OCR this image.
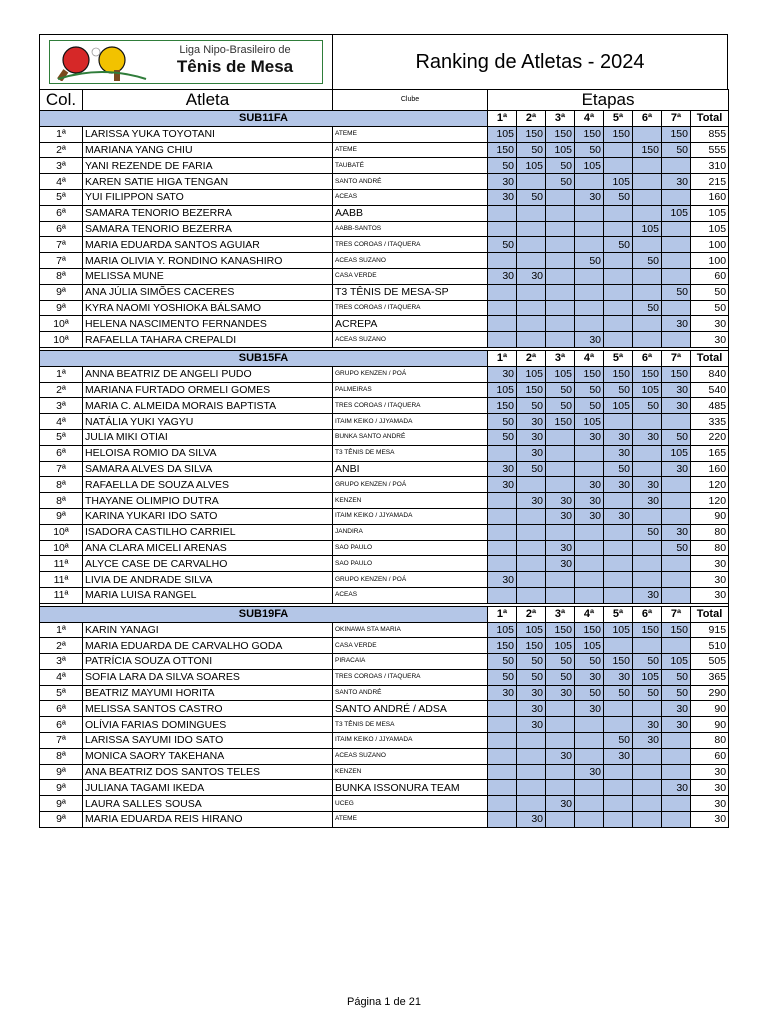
Liga Nipo-Brasileiro de
Tênis de Mesa	Ranking de Atletas - 2024
Col.	Atleta	Clube	Etapas							
SUB11FA			1ª	2ª	3ª	4ª	5ª	6ª	7ª	Total
1ª	LARISSA YUKA TOYOTANI	ATEME	105	150	150	150	150		150	855
2ª	MARIANA YANG CHIU	ATEME	150	50	105	50		150	50	555
3ª	YANI REZENDE DE FARIA	TAUBATÉ	50	105	50	105				310
4ª	KAREN SATIE HIGA TENGAN	SANTO ANDRÉ	30		50		105		30	215
5ª	YUI FILIPPON SATO	ACEAS	30	50		30	50			160
6ª	SAMARA TENORIO BEZERRA	AABB							105	105
6ª	SAMARA TENORIO BEZERRA	AABB-SANTOS						105		105
7ª	MARIA EDUARDA SANTOS AGUIAR	TRES COROAS / ITAQUERA	50				50			100
7ª	MARIA OLIVIA Y. RONDINO KANASHIRO	ACEAS SUZANO				50		50		100
8ª	MELISSA MUNE	CASA VERDE	30	30						60
9ª	ANA JÚLIA SIMÕES CACERES	T3 TÊNIS DE MESA-SP							50	50
9ª	KYRA NAOMI YOSHIOKA BÁLSAMO	TRES COROAS / ITAQUERA						50		50
10ª	HELENA NASCIMENTO FERNANDES	ACREPA							30	30
10ª	RAFAELLA TAHARA CREPALDI	ACEAS SUZANO				30				30

SUB15FA			1ª	2ª	3ª	4ª	5ª	6ª	7ª	Total
1ª	ANNA BEATRIZ DE ANGELI PUDO	GRUPO KENZEN / POÁ	30	105	105	150	150	150	150	840
2ª	MARIANA FURTADO ORMELI GOMES	PALMEIRAS	105	150	50	50	50	105	30	540
3ª	MARIA C. ALMEIDA MORAIS BAPTISTA	TRES COROAS / ITAQUERA	150	50	50	50	105	50	30	485
4ª	NATÁLIA YUKI YAGYU	ITAIM KEIKO / JJYAMADA	50	30	150	105				335
5ª	JULIA MIKI OTIAI	BUNKA SANTO ANDRÉ	50	30		30	30	30	50	220
6ª	HELOISA ROMIO DA SILVA	T3 TÊNIS DE MESA		30			30		105	165
7ª	SAMARA ALVES DA SILVA	ANBI	30	50			50		30	160
8ª	RAFAELLA DE SOUZA ALVES	GRUPO KENZEN / POÁ	30			30	30	30		120
8ª	THAYANE OLIMPIO DUTRA	KENZEN		30	30	30		30		120
9ª	KARINA YUKARI IDO SATO	ITAIM KEIKO / JJYAMADA			30	30	30			90
10ª	ISADORA CASTILHO CARRIEL	JANDIRA						50	30	80
10ª	ANA CLARA MICELI ARENAS	SAO PAULO			30				50	80
11ª	ALYCE CASE DE CARVALHO	SAO PAULO			30					30
11ª	LIVIA DE ANDRADE SILVA	GRUPO KENZEN / POÁ	30							30
11ª	MARIA LUISA RANGEL	ACEAS						30		30

SUB19FA			1ª	2ª	3ª	4ª	5ª	6ª	7ª	Total
1ª	KARIN YANAGI	OKINAWA STA MARIA	105	105	150	150	105	150	150	915
2ª	MARIA EDUARDA DE CARVALHO GODA	CASA VERDE	150	150	105	105				510
3ª	PATRÍCIA SOUZA OTTONI	PIRACAIA	50	50	50	50	150	50	105	505
4ª	SOFIA LARA DA SILVA SOARES	TRES COROAS / ITAQUERA	50	50	50	30	30	105	50	365
5ª	BEATRIZ MAYUMI HORITA	SANTO ANDRÉ	30	30	30	50	50	50	50	290
6ª	MELISSA SANTOS CASTRO	SANTO ANDRÉ / ADSA		30		30			30	90
6ª	OLÍVIA FARIAS DOMINGUES	T3 TÊNIS DE MESA		30				30	30	90
7ª	LARISSA SAYUMI IDO SATO	ITAIM KEIKO / JJYAMADA					50	30		80
8ª	MONICA SAORY TAKEHANA	ACEAS SUZANO			30		30			60
9ª	ANA BEATRIZ DOS SANTOS TELES	KENZEN				30				30
9ª	JULIANA TAGAMI IKEDA	BUNKA ISSONURA TEAM							30	30
9ª	LAURA SALLES SOUSA	UCEG			30					30
9ª	MARIA EDUARDA REIS HIRANO	ATEME		30						30
Página 1 de 21
